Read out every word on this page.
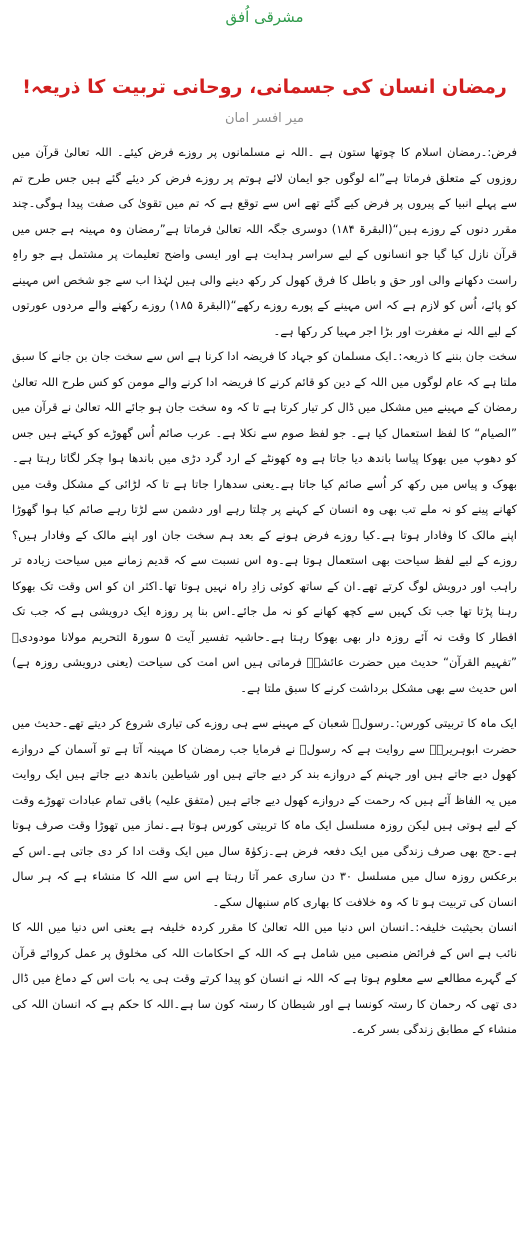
مشرقی اُفق
رمضان انسان کی جسمانی، روحانی تربیت کا ذریعہ!
میر افسر امان

فرض:۔رمضان اسلام کا چوتھا ستون ہے ۔اللہ نے مسلمانوں پر روزے فرض کیئے۔ اللہ تعالیٰ قرآن میں روزوں کے متعلق فرماتا ہے”اے لوگوں جو ایمان لائے ہوتم پر روزے فرض کر دیئے گئے ہیں جس طرح تم سے پہلے انبیا کے پیروں پر فرض کیے گئے تھے اس سے توقع ہے کہ تم میں تقویٰ کی صفت پیدا ہوگی۔چند مقرر دنوں کے روزے ہیں“(البقرۃ ۱۸۴) دوسری جگہ اللہ تعالیٰ فرماتا ہے”رمضان وہ مہینہ ہے جس میں قرآن نازل کیا گیا جو انسانوں کے لیے سراسر ہدایت ہے اور ایسی واضح تعلیمات پر مشتمل ہے جو راہِ راست دکھانے والی اور حق و باطل کا فرق کھول کر رکھ دینے والی ہیں لہٰذا اب سے جو شخص اس مہینے کو پائے، اُس کو لازم ہے کہ اس مہینے کے پورے روزے رکھے“(البقرۃ ۱۸۵) روزے رکھنے والے مردوں عورتوں کے لیے اللہ نے مغفرت اور بڑا اجر مہیا کر رکھا ہے۔

سخت جان بننے کا ذریعہ:۔ایک مسلمان کو جہاد کا فریضہ ادا کرنا ہے اس سے سخت جان بن جانے کا سبق ملتا ہے کہ عام لوگوں میں اللہ کے دین کو قائم کرنے کا فریضہ ادا کرنے والے مومن کو کس طرح اللہ تعالیٰ رمضان کے مہینے میں مشکل میں ڈال کر تیار کرتا ہے تا کہ وہ سخت جان ہو جائے اللہ تعالیٰ نے قرآن میں ”الصیام“ کا لفظ استعمال کیا ہے۔ جو لفظ صوم سے نکلا ہے۔ عرب صائم اُس گھوڑے کو کہتے ہیں جس کو دھوپ میں بھوکا پیاسا باندھ دیا جاتا ہے وہ کھونٹے کے ارد گرد دڑی میں باندھا ہوا چکر لگاتا رہتا ہے۔ بھوک و پیاس میں رکھ کر اُسے صائم کیا جاتا ہے۔یعنی سدھارا جاتا ہے تا کہ لڑائی کے مشکل وقت میں کھانے پینے کو نہ ملے تب بھی وہ انسان کے کہنے پر چلتا رہے اور دشمن سے لڑتا رہے صائم کیا ہوا گھوڑا اپنے مالک کا وفادار ہوتا ہے۔کیا روزے فرض ہونے کے بعد ہم سخت جان اور اپنے مالک کے وفادار ہیں؟ روزے کے لیے لفظ سیاحت بھی استعمال ہوتا ہے۔وہ اس نسبت سے کہ قدیم زمانے میں سیاحت زیادہ تر راہب اور درویش لوگ کرتے تھے۔ان کے ساتھ کوئی زادِ راہ نہیں ہوتا تھا۔اکثر ان کو اس وقت تک بھوکا رہنا پڑتا تھا جب تک کہیں سے کچھ کھانے کو نہ مل جائے۔اس بنا پر روزہ ایک درویشی ہے کہ جب تک افطار کا وقت نہ آئے روزہ دار بھی بھوکا رہتا ہے۔حاشیہ تفسیر آیت ۵ سورۃ التحریم مولانا مودودیؒ ”تفہیم القرآن“ حدیث میں حضرت عائشہؓ فرماتی ہیں اس امت کی سیاحت (یعنی درویشی روزہ ہے) اس حدیث سے بھی مشکل برداشت کرنے کا سبق ملتا ہے۔

ایک ماہ کا تربیتی کورس:۔رسولؐ شعبان کے مہینے سے ہی روزے کی تیاری شروع کر دیتے تھے۔حدیث میں حضرت ابوہریرہؓ سے روایت ہے کہ رسولؐ نے فرمایا جب رمضان کا مہینہ آتا ہے تو آسمان کے دروازے کھول دیے جاتے ہیں اور جہنم کے دروازے بند کر دیے جاتے ہیں اور شیاطین باندھ دیے جاتے ہیں ایک روایت میں یہ الفاظ آئے ہیں کہ رحمت کے دروازے کھول دیے جاتے ہیں (متفق علیہ) باقی تمام عبادات تھوڑے وقت کے لیے ہوتی ہیں لیکن روزہ مسلسل ایک ماہ کا تربیتی کورس ہوتا ہے۔نماز میں تھوڑا وقت صرف ہوتا ہے۔حج بھی صرف زندگی میں ایک دفعہ فرض ہے۔زکوٰۃ سال میں ایک وقت ادا کر دی جاتی ہے۔اس کے برعکس روزہ سال میں مسلسل ۳۰ دن ساری عمر آتا رہتا ہے اس سے اللہ کا منشاء ہے کہ ہر سال انسان کی تربیت ہو تا کہ وہ خلافت کا بھاری کام سنبھال سکے۔

انسان بحیثیت خلیفہ:۔انسان اس دنیا میں اللہ تعالیٰ کا مقرر کردہ خلیفہ ہے یعنی اس دنیا میں اللہ کا نائب ہے اس کے فرائض منصبی میں شامل ہے کہ اللہ کے احکامات اللہ کی مخلوق پر عمل کروائے قرآن کے گہرے مطالعے سے معلوم ہوتا ہے کہ اللہ نے انسان کو پیدا کرتے وقت ہی یہ بات اس کے دماغ میں ڈال دی تھی کہ رحمان کا رستہ کونسا ہے اور شیطان کا رستہ کون سا ہے۔اللہ کا حکم ہے کہ انسان اللہ کی منشاء کے مطابق زندگی بسر کرے۔
